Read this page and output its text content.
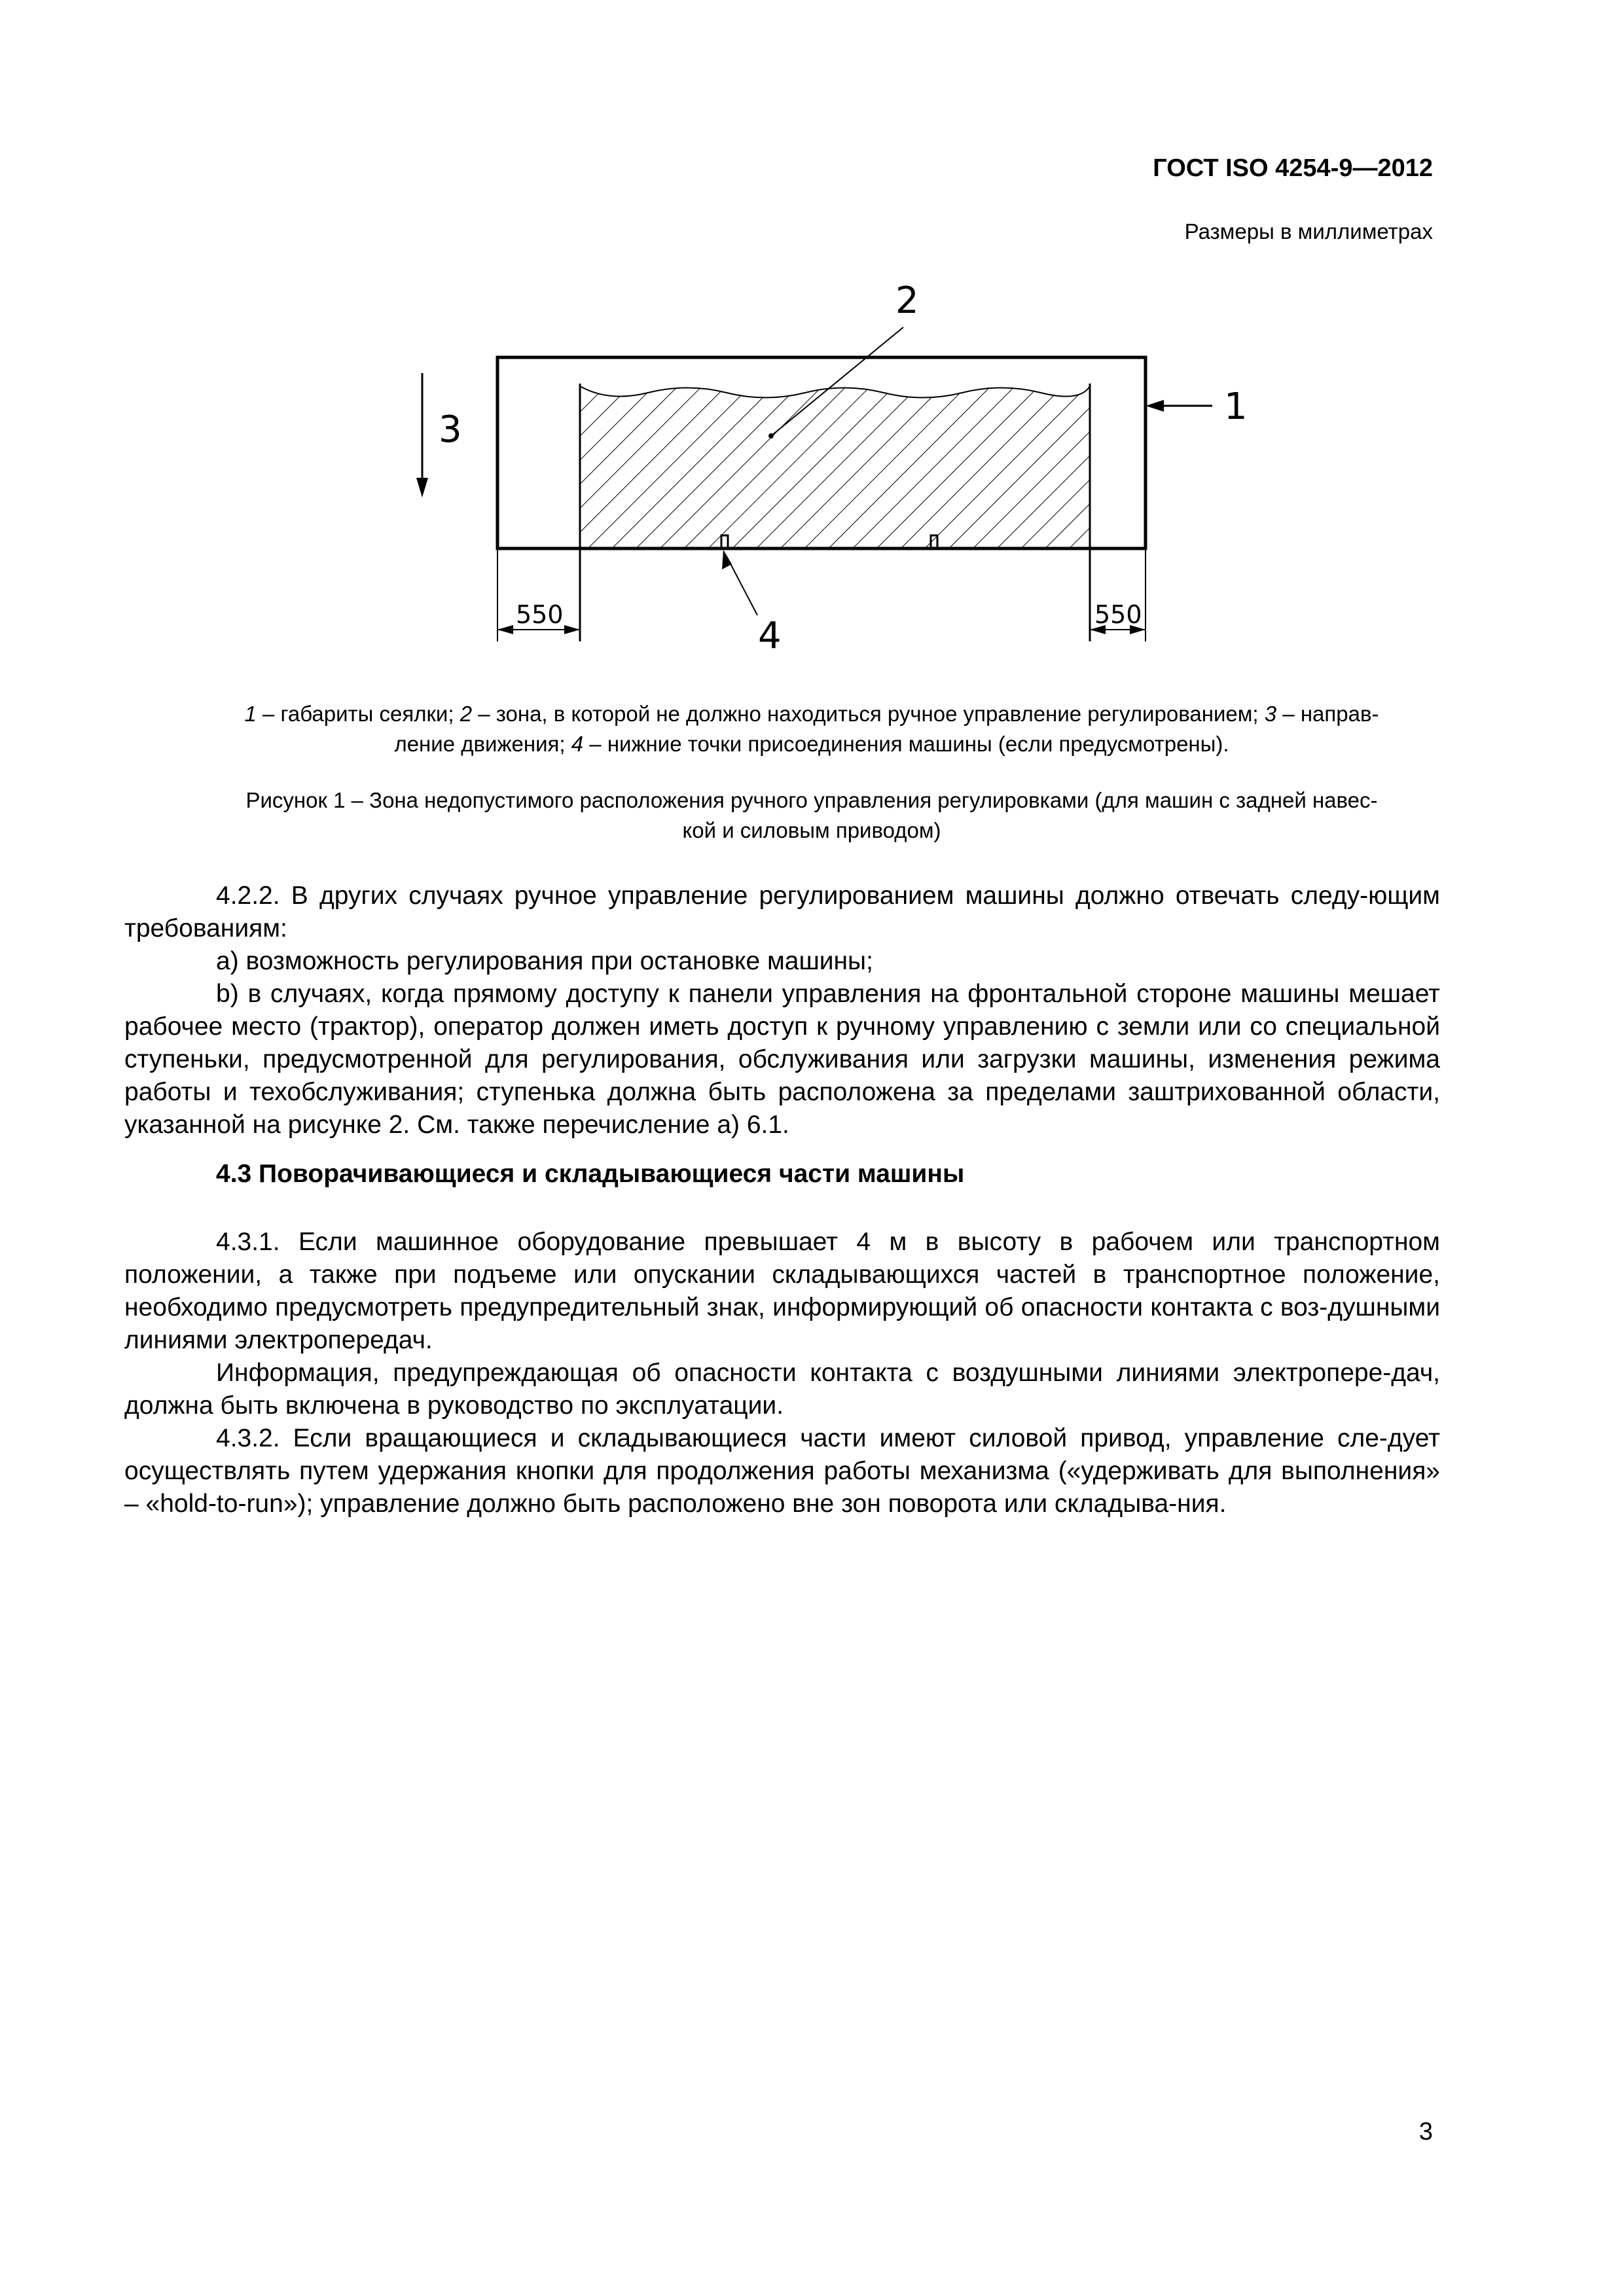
ГОСТ ISO 4254-9—2012
Размеры в миллиметрах
2
1
3
4
550	550
1 – габариты сеялки; 2 – зона, в которой не должно находиться ручное управление регулированием; 3 – направ-
ление движения; 4 – нижние точки присоединения машины (если предусмотрены).
Рисунок 1 – Зона недопустимого расположения ручного управления регулировками (для машин с задней навес-
кой и силовым приводом)

4.2.2. В других случаях ручное управление регулированием машины должно отвечать следу-ющим требованиям:

a) возможность регулирования при остановке машины;

b) в случаях, когда прямому доступу к панели управления на фронтальной стороне машины мешает рабочее место (трактор), оператор должен иметь доступ к ручному управлению с земли или со специальной ступеньки, предусмотренной для регулирования, обслуживания или загрузки машины, изменения режима работы и техобслуживания; ступенька должна быть расположена за пределами заштрихованной области, указанной на рисунке 2. См. также перечисление а) 6.1.

4.3 Поворачивающиеся и складывающиеся части машины

4.3.1. Если машинное оборудование превышает 4 м в высоту в рабочем или транспортном положении, а также при подъеме или опускании складывающихся частей в транспортное положение, необходимо предусмотреть предупредительный знак, информирующий об опасности контакта с воз-душными линиями электропередач.

Информация, предупреждающая об опасности контакта с воздушными линиями электропере-дач, должна быть включена в руководство по эксплуатации.

4.3.2. Если вращающиеся и складывающиеся части имеют силовой привод, управление сле-дует осуществлять путем удержания кнопки для продолжения работы механизма («удерживать для выполнения» – «hold-to-run»); управление должно быть расположено вне зон поворота или складыва-ния.

3
